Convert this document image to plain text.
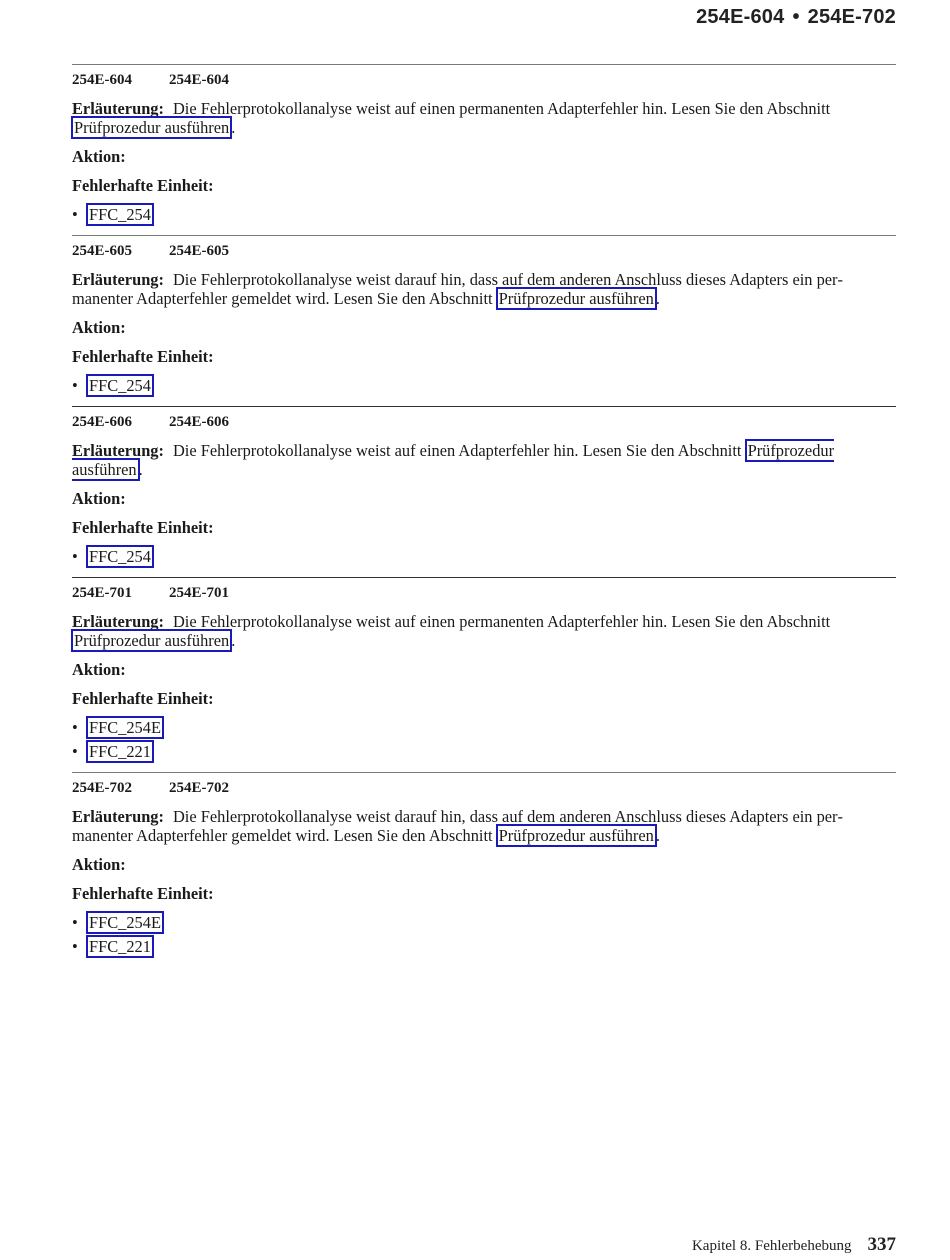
254E-604 • 254E-702
254E-604 254E-604

Erläuterung: Die Fehlerprotokollanalyse weist auf einen permanenten Adapterfehler hin. Lesen Sie den Abschnitt Prüfprozedur ausführen .

Aktion:
Fehlerhafte Einheit:
• FFC_254
254E-605 254E-605

Erläuterung: Die Fehlerprotokollanalyse weist darauf hin, dass auf dem anderen Anschluss dieses Adapters ein permanenter Adapterfehler gemeldet wird. Lesen Sie den Abschnitt Prüfprozedur ausführen .

Aktion:
Fehlerhafte Einheit:
• FFC_254
254E-606 254E-606

Erläuterung: Die Fehlerprotokollanalyse weist auf einen Adapterfehler hin. Lesen Sie den Abschnitt Prüfprozedur ausführen .

Aktion:
Fehlerhafte Einheit:
• FFC_254
254E-701 254E-701

Erläuterung: Die Fehlerprotokollanalyse weist auf einen permanenten Adapterfehler hin. Lesen Sie den Abschnitt Prüfprozedur ausführen .

Aktion:
Fehlerhafte Einheit:
• FFC_254E
• FFC_221
254E-702 254E-702

Erläuterung: Die Fehlerprotokollanalyse weist darauf hin, dass auf dem anderen Anschluss dieses Adapters ein permanenter Adapterfehler gemeldet wird. Lesen Sie den Abschnitt Prüfprozedur ausführen .

Aktion:
Fehlerhafte Einheit:
• FFC_254E
• FFC_221
Kapitel 8. Fehlerbehebung 337
